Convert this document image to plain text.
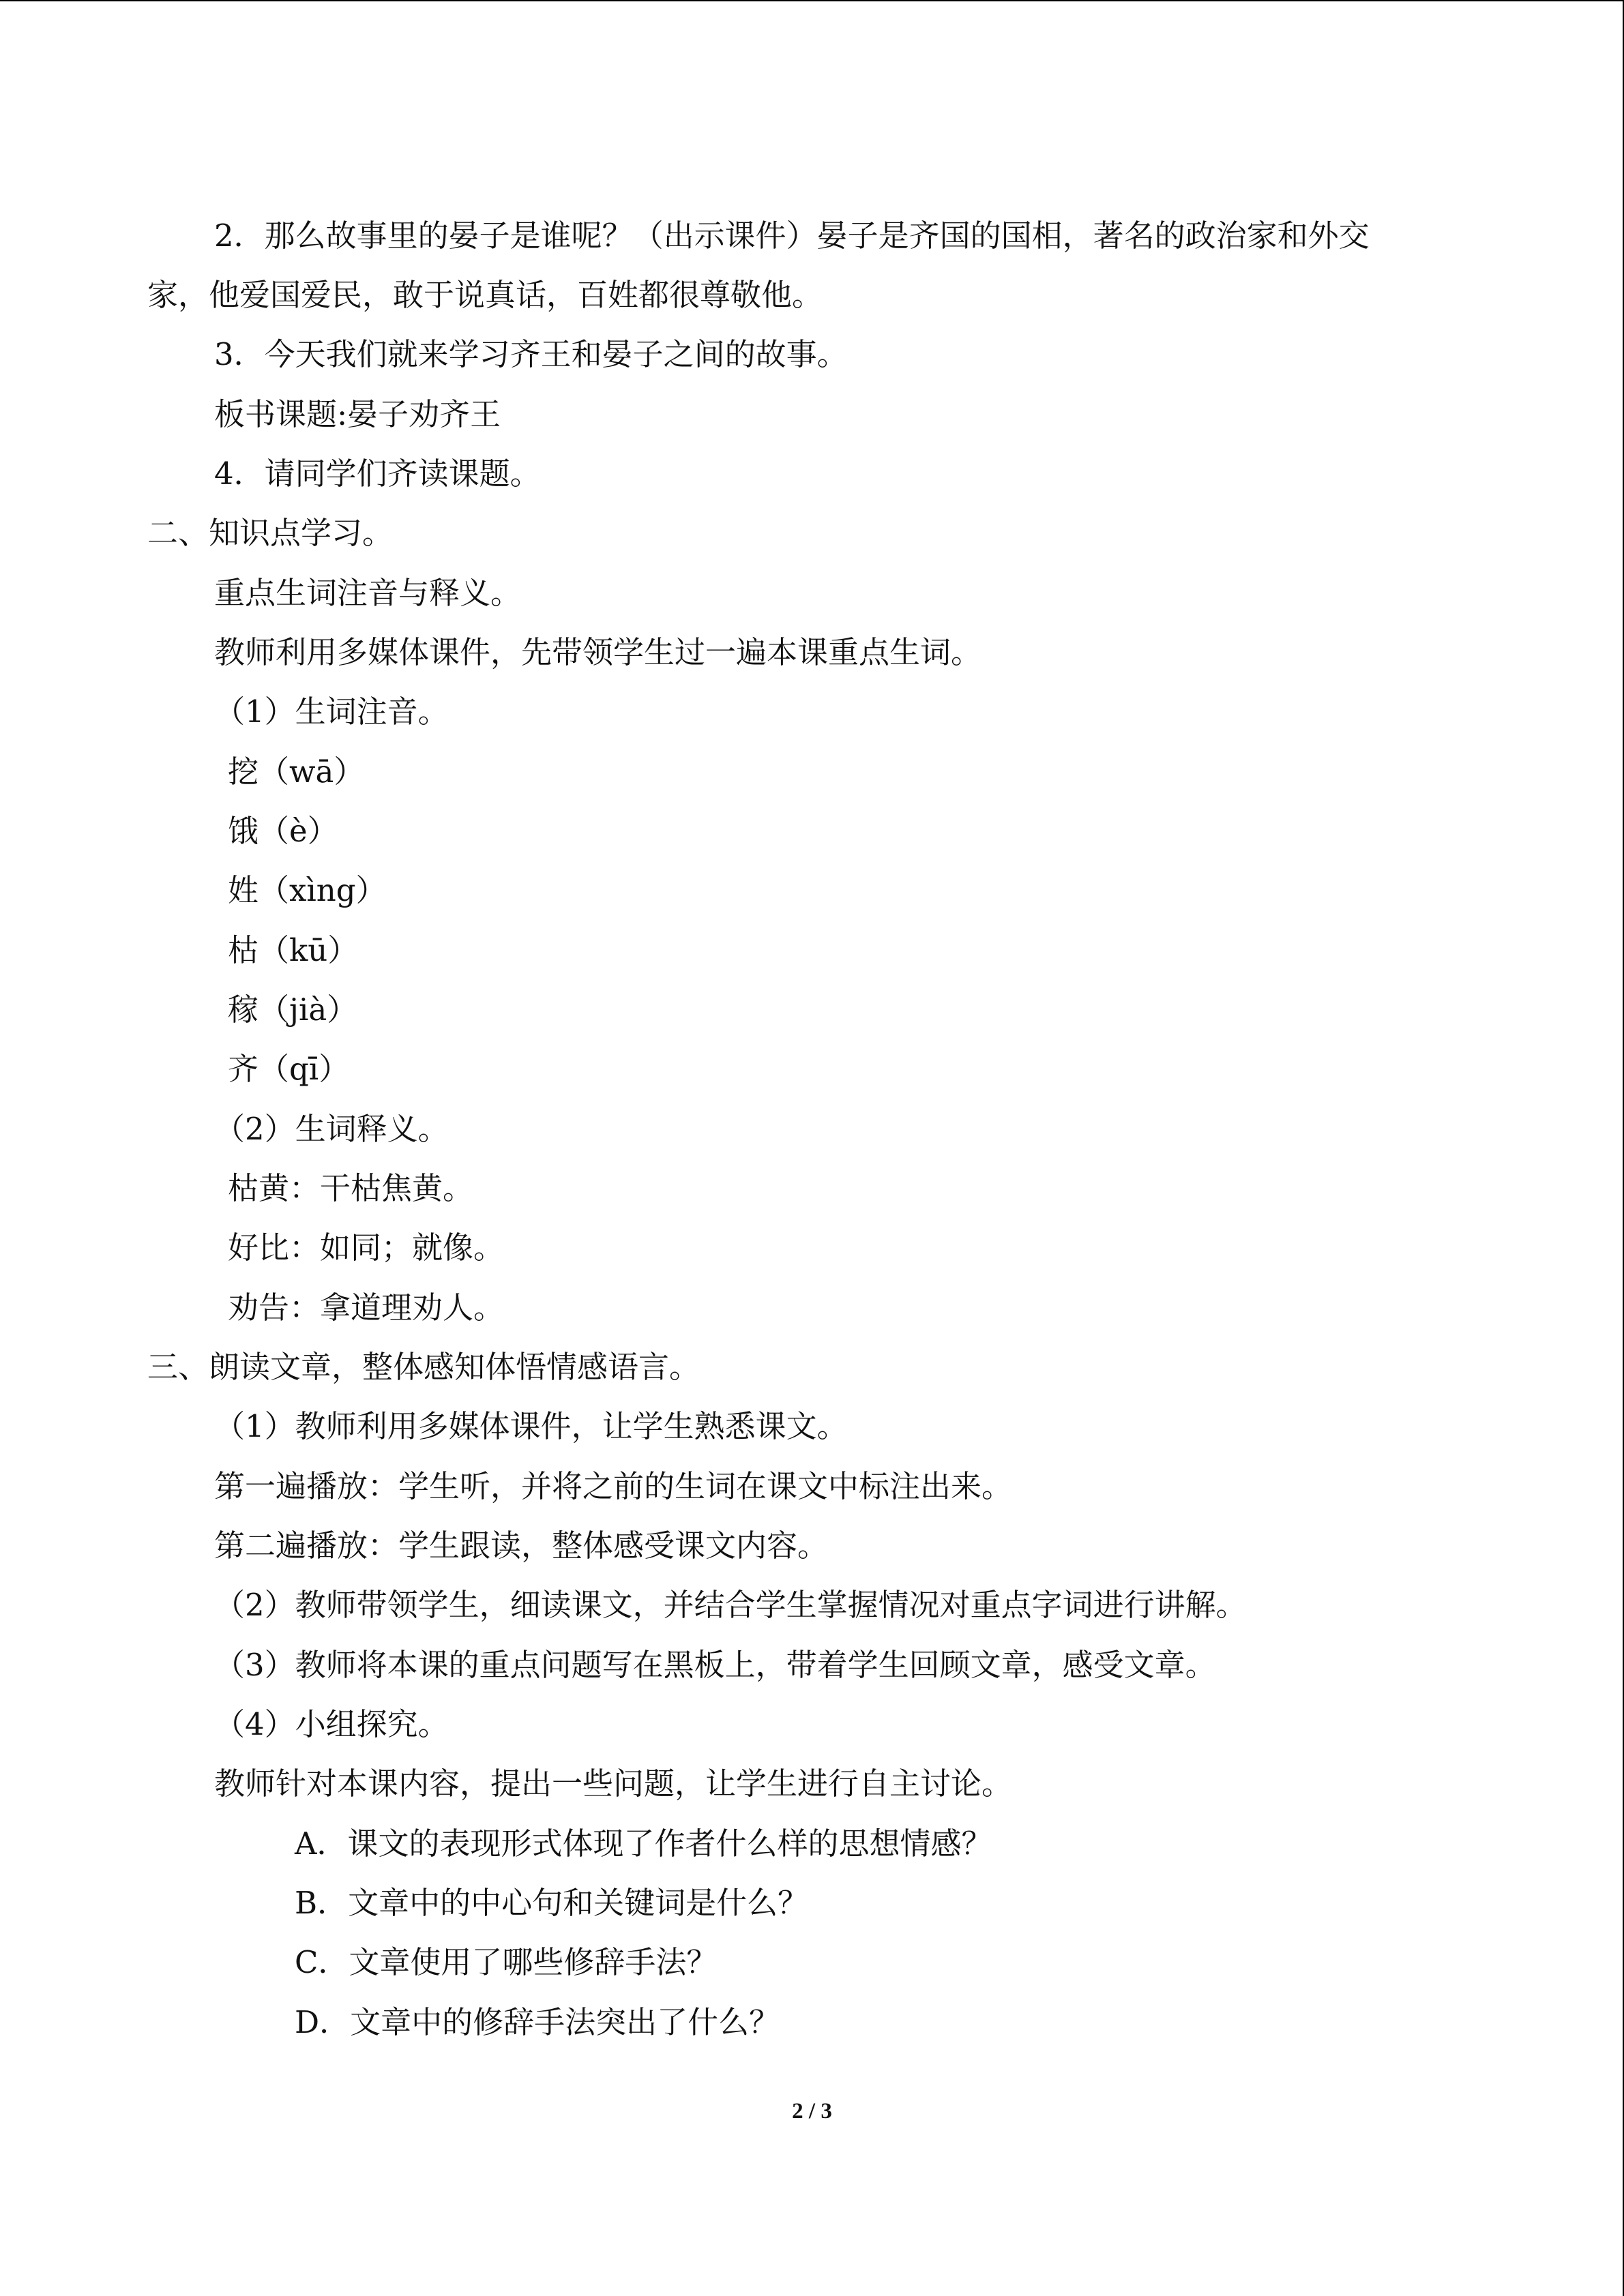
2．那么故事里的晏子是谁呢？（出示课件）晏子是齐国的国相，著名的政治家和外交
家，他爱国爱民，敢于说真话，百姓都很尊敬他。
3．今天我们就来学习齐王和晏子之间的故事。
板书课题:晏子劝齐王
4．请同学们齐读课题。
二、知识点学习。
重点生词注音与释义。
教师利用多媒体课件，先带领学生过一遍本课重点生词。
（1）生词注音。
挖（wā）
饿（è）
姓（xìng）
枯（kū）
稼（jià）
齐（qī）
（2）生词释义。
枯黄：干枯焦黄。
好比：如同；就像。
劝告：拿道理劝人。
三、朗读文章，整体感知体悟情感语言。
（1）教师利用多媒体课件，让学生熟悉课文。
第一遍播放：学生听，并将之前的生词在课文中标注出来。
第二遍播放：学生跟读，整体感受课文内容。
（2）教师带领学生，细读课文，并结合学生掌握情况对重点字词进行讲解。
（3）教师将本课的重点问题写在黑板上，带着学生回顾文章，感受文章。
（4）小组探究。
教师针对本课内容，提出一些问题，让学生进行自主讨论。
A．课文的表现形式体现了作者什么样的思想情感？
B．文章中的中心句和关键词是什么？
C．文章使用了哪些修辞手法？
D．文章中的修辞手法突出了什么？
2 / 3
